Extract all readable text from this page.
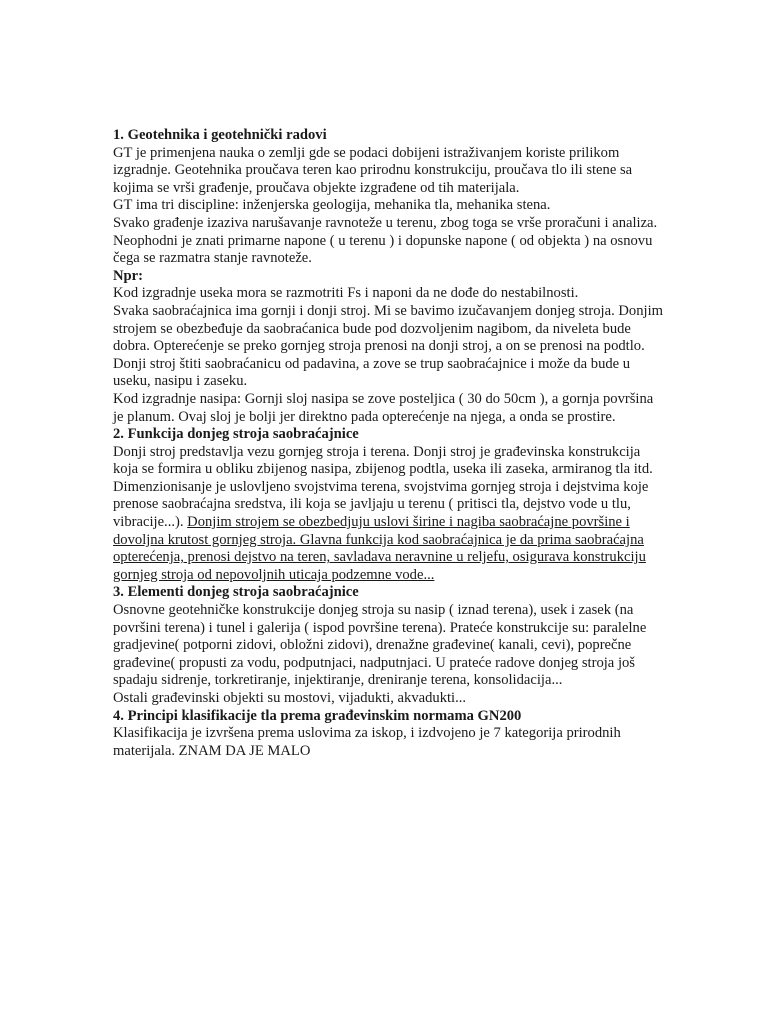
1. Geotehnika i geotehnički radovi

GT je primenjena nauka o zemlji gde se podaci dobijeni istraživanjem koriste prilikom izgradnje. Geotehnika proučava teren kao prirodnu konstrukciju, proučava tlo ili stene sa kojima se vrši građenje, proučava objekte izgrađene od tih materijala.

GT ima tri discipline: inženjerska geologija, mehanika tla, mehanika stena.

Svako građenje izaziva narušavanje ravnoteže u terenu, zbog toga se vrše proračuni i analiza. Neophodni je znati primarne napone ( u terenu ) i dopunske napone ( od objekta ) na osnovu čega se razmatra stanje ravnoteže.

Npr:

Kod izgradnje useka mora se razmotriti Fs i naponi da ne dođe do nestabilnosti.

Svaka saobraćajnica ima gornji i donji stroj. Mi se bavimo izučavanjem donjeg stroja. Donjim strojem se obezbeđuje da saobraćanica bude pod dozvoljenim nagibom, da niveleta bude dobra. Opterećenje se preko gornjeg stroja prenosi na donji stroj, a on se prenosi na podtlo. Donji stroj štiti saobraćanicu od padavina, a zove se trup saobraćajnice i može da bude u useku, nasipu i zaseku.

Kod izgradnje nasipa: Gornji sloj nasipa se zove posteljica ( 30 do 50cm ), a gornja površina je planum. Ovaj sloj je bolji jer direktno pada opterećenje na njega, a onda se prostire.

2. Funkcija donjeg stroja saobraćajnice

Donji stroj predstavlja vezu gornjeg stroja i terena. Donji stroj je građevinska konstrukcija koja se formira u obliku zbijenog nasipa, zbijenog podtla, useka ili zaseka, armiranog tla itd. Dimenzionisanje je uslovljeno svojstvima terena, svojstvima gornjeg stroja i dejstvima koje prenose saobraćajna sredstva, ili koja se javljaju u terenu ( pritisci tla, dejstvo vode u tlu, vibracije...). Donjim strojem se obezbedjuju uslovi širine i nagiba saobraćajne površine i dovoljna krutost gornjeg stroja. Glavna funkcija kod saobraćajnica je da prima saobraćajna opterećenja, prenosi dejstvo na teren, savladava neravnine u reljefu, osigurava konstrukciju gornjeg stroja od nepovoljnih uticaja podzemne vode...

3. Elementi donjeg stroja saobraćajnice

Osnovne geotehničke konstrukcije donjeg stroja su nasip ( iznad terena), usek i zasek (na površini terena) i tunel i galerija ( ispod površine terena). Prateće konstrukcije su: paralelne gradjevine( potporni zidovi, obložni zidovi), drenažne građevine( kanali, cevi), poprečne građevine( propusti za vodu, podputnjaci, nadputnjaci. U prateće radove donjeg stroja još spadaju sidrenje, torkretiranje, injektiranje, dreniranje terena, konsolidacija...

Ostali građevinski objekti su mostovi, vijadukti, akvadukti...

4. Principi klasifikacije tla prema građevinskim normama GN200

Klasifikacija je izvršena prema uslovima za iskop, i izdvojeno je 7 kategorija prirodnih materijala. ZNAM DA JE MALO
